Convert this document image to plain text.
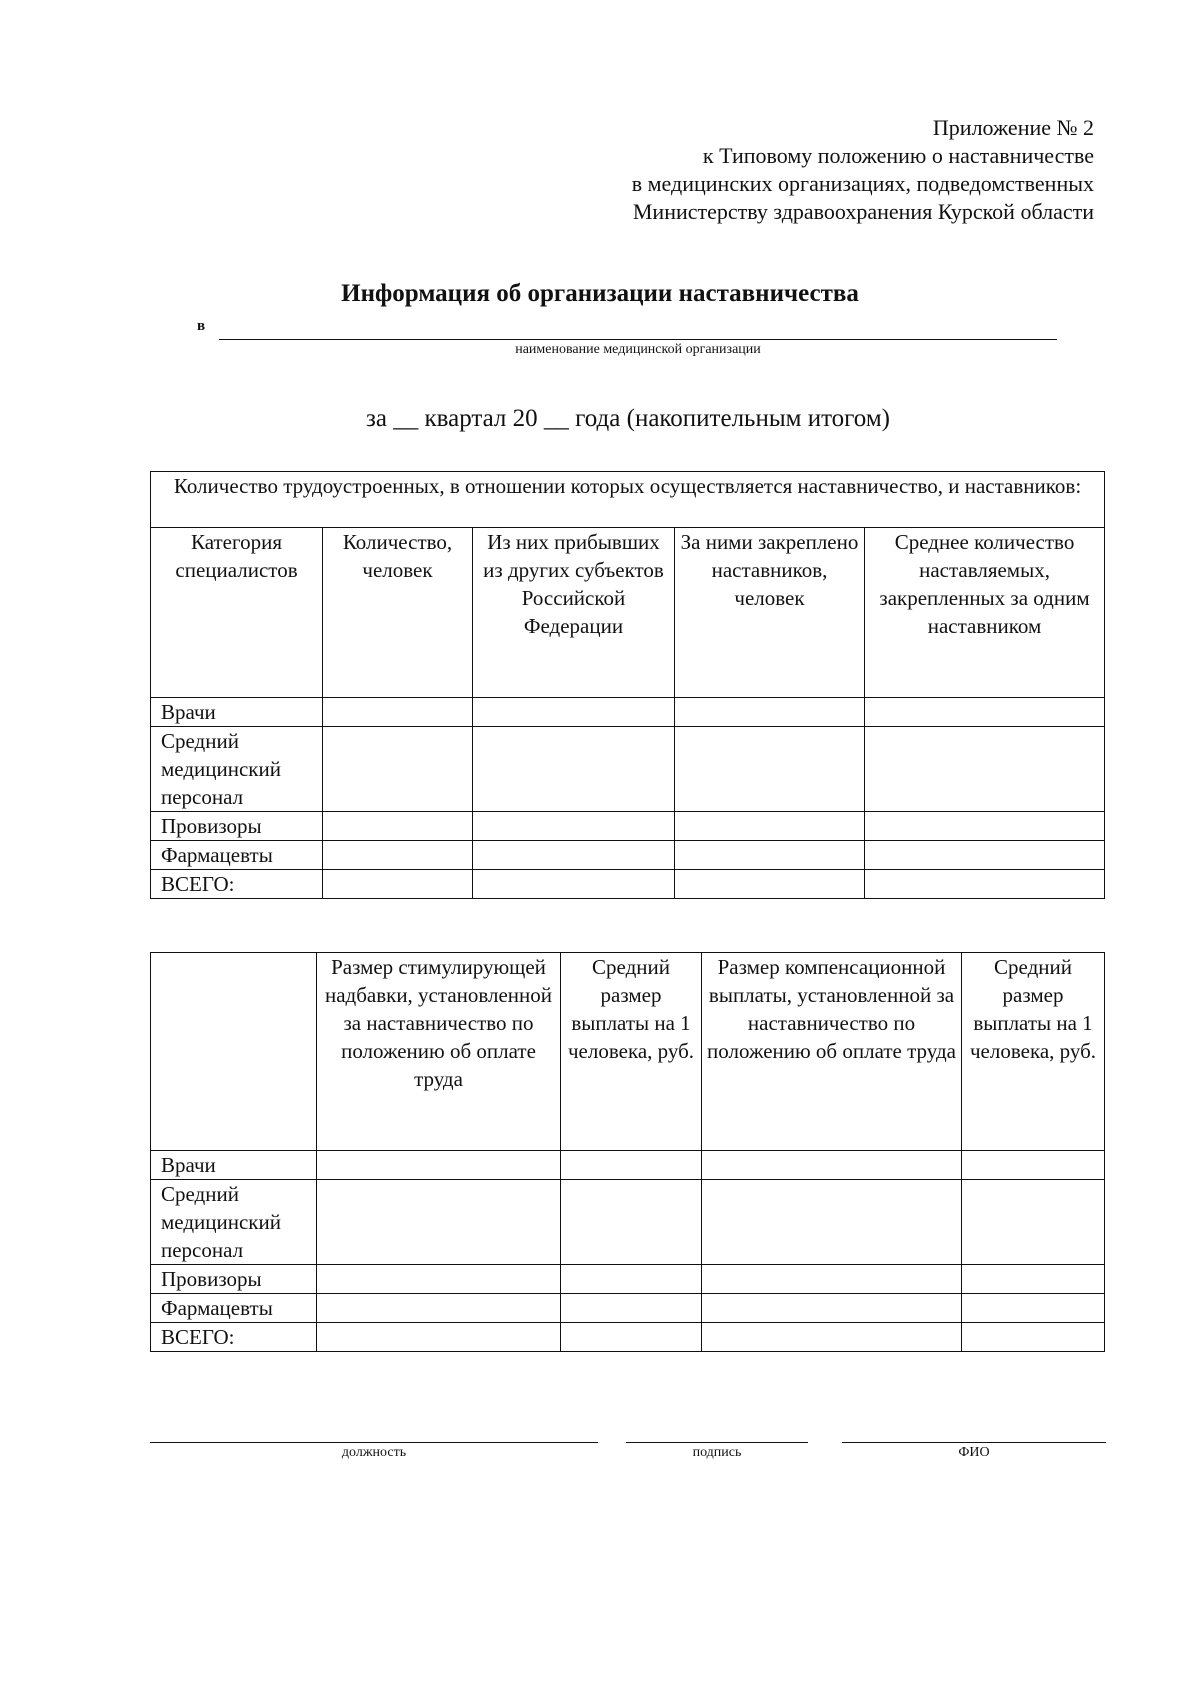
Приложение № 2
к Типовому положению о наставничестве
в медицинских организациях, подведомственных
Министерству здравоохранения Курской области
Информация об организации наставничества
в
наименование медицинской организации
за __ квартал 20 __ года (накопительным итогом)
Количество трудоустроенных, в отношении которых осуществляется наставничество, и наставников:				
Категория специалистов	Количество, человек	Из них прибывших из других субъектов Российской Федерации	За ними закреплено наставников, человек	Среднее количество наставляемых, закрепленных за одним наставником
Врачи				
Средний медицинский персонал				
Провизоры				
Фармацевты				
ВСЕГО:				
	Размер стимулирующей надбавки, установленной за наставничество по положению об оплате труда	Средний размер выплаты на 1 человека, руб.	Размер компенсационной выплаты, установленной за наставничество по положению об оплате труда	Средний размер выплаты на 1 человека, руб.
Врачи				
Средний медицинский персонал				
Провизоры				
Фармацевты				
ВСЕГО:				
должность	подпись	ФИО
